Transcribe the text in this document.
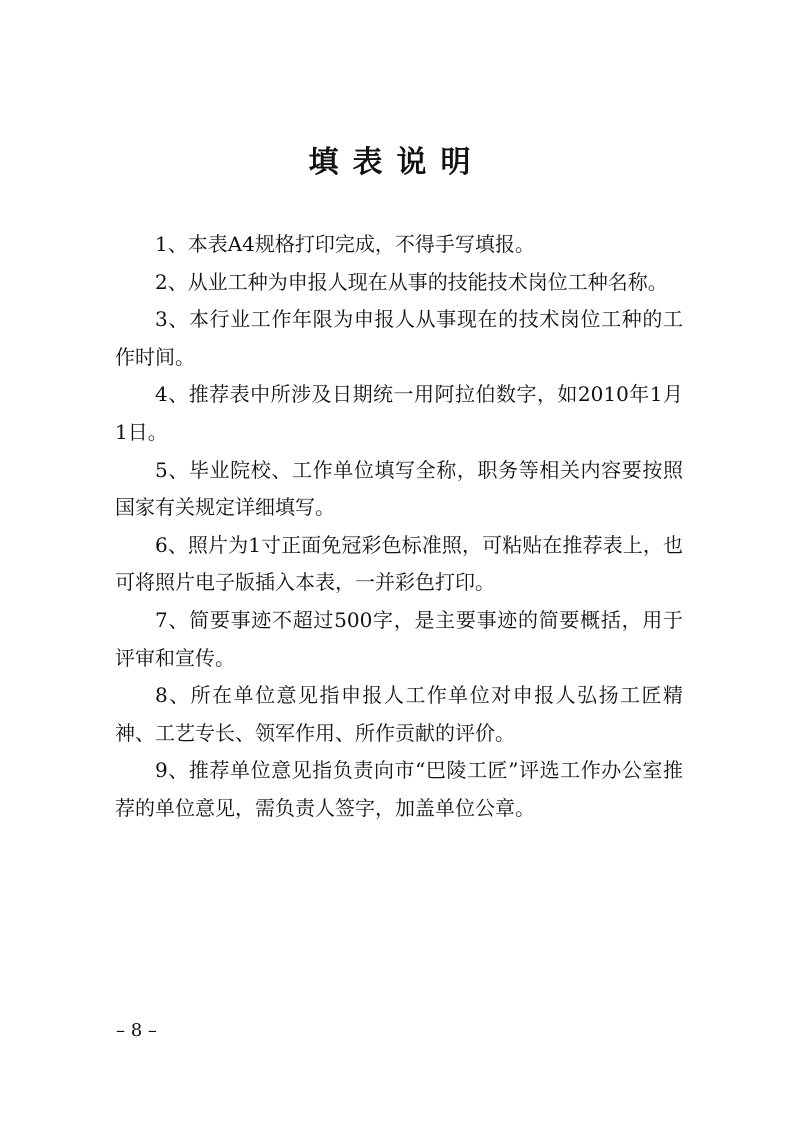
填表说明

1、本表A4规格打印完成，不得手写填报。

2、从业工种为申报人现在从事的技能技术岗位工种名称。

3、本行业工作年限为申报人从事现在的技术岗位工种的工作时间。

4、推荐表中所涉及日期统一用阿拉伯数字，如2010年1月1日。

5、毕业院校、工作单位填写全称，职务等相关内容要按照国家有关规定详细填写。

6、照片为1寸正面免冠彩色标准照，可粘贴在推荐表上，也可将照片电子版插入本表，一并彩色打印。

7、简要事迹不超过500字，是主要事迹的简要概括，用于评审和宣传。

8、所在单位意见指申报人工作单位对申报人弘扬工匠精神、工艺专长、领军作用、所作贡献的评价。

9、推荐单位意见指负责向市“巴陵工匠”评选工作办公室推荐的单位意见，需负责人签字，加盖单位公章。

– 8 –
